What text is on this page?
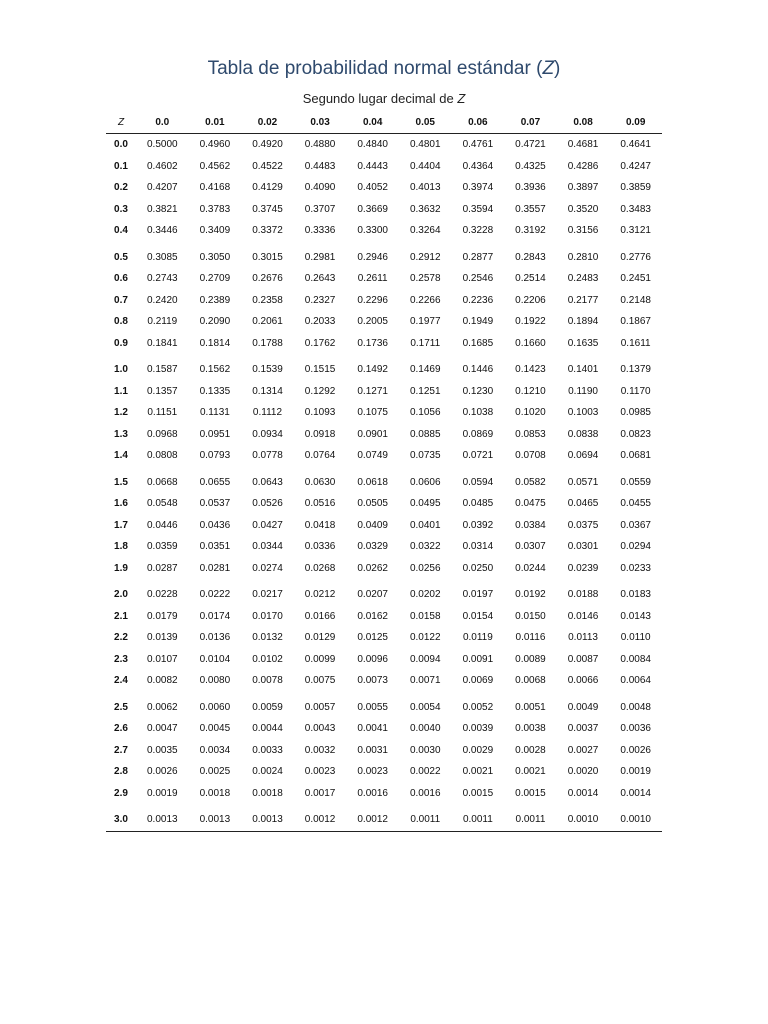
Tabla de probabilidad normal estándar (Z)
Segundo lugar decimal de Z
Z	0.0	0.01	0.02	0.03	0.04	0.05	0.06	0.07	0.08	0.09
0.0	0.5000	0.4960	0.4920	0.4880	0.4840	0.4801	0.4761	0.4721	0.4681	0.4641
0.1	0.4602	0.4562	0.4522	0.4483	0.4443	0.4404	0.4364	0.4325	0.4286	0.4247
0.2	0.4207	0.4168	0.4129	0.4090	0.4052	0.4013	0.3974	0.3936	0.3897	0.3859
0.3	0.3821	0.3783	0.3745	0.3707	0.3669	0.3632	0.3594	0.3557	0.3520	0.3483
0.4	0.3446	0.3409	0.3372	0.3336	0.3300	0.3264	0.3228	0.3192	0.3156	0.3121
0.5	0.3085	0.3050	0.3015	0.2981	0.2946	0.2912	0.2877	0.2843	0.2810	0.2776
0.6	0.2743	0.2709	0.2676	0.2643	0.2611	0.2578	0.2546	0.2514	0.2483	0.2451
0.7	0.2420	0.2389	0.2358	0.2327	0.2296	0.2266	0.2236	0.2206	0.2177	0.2148
0.8	0.2119	0.2090	0.2061	0.2033	0.2005	0.1977	0.1949	0.1922	0.1894	0.1867
0.9	0.1841	0.1814	0.1788	0.1762	0.1736	0.1711	0.1685	0.1660	0.1635	0.1611
1.0	0.1587	0.1562	0.1539	0.1515	0.1492	0.1469	0.1446	0.1423	0.1401	0.1379
1.1	0.1357	0.1335	0.1314	0.1292	0.1271	0.1251	0.1230	0.1210	0.1190	0.1170
1.2	0.1151	0.1131	0.1112	0.1093	0.1075	0.1056	0.1038	0.1020	0.1003	0.0985
1.3	0.0968	0.0951	0.0934	0.0918	0.0901	0.0885	0.0869	0.0853	0.0838	0.0823
1.4	0.0808	0.0793	0.0778	0.0764	0.0749	0.0735	0.0721	0.0708	0.0694	0.0681
1.5	0.0668	0.0655	0.0643	0.0630	0.0618	0.0606	0.0594	0.0582	0.0571	0.0559
1.6	0.0548	0.0537	0.0526	0.0516	0.0505	0.0495	0.0485	0.0475	0.0465	0.0455
1.7	0.0446	0.0436	0.0427	0.0418	0.0409	0.0401	0.0392	0.0384	0.0375	0.0367
1.8	0.0359	0.0351	0.0344	0.0336	0.0329	0.0322	0.0314	0.0307	0.0301	0.0294
1.9	0.0287	0.0281	0.0274	0.0268	0.0262	0.0256	0.0250	0.0244	0.0239	0.0233
2.0	0.0228	0.0222	0.0217	0.0212	0.0207	0.0202	0.0197	0.0192	0.0188	0.0183
2.1	0.0179	0.0174	0.0170	0.0166	0.0162	0.0158	0.0154	0.0150	0.0146	0.0143
2.2	0.0139	0.0136	0.0132	0.0129	0.0125	0.0122	0.0119	0.0116	0.0113	0.0110
2.3	0.0107	0.0104	0.0102	0.0099	0.0096	0.0094	0.0091	0.0089	0.0087	0.0084
2.4	0.0082	0.0080	0.0078	0.0075	0.0073	0.0071	0.0069	0.0068	0.0066	0.0064
2.5	0.0062	0.0060	0.0059	0.0057	0.0055	0.0054	0.0052	0.0051	0.0049	0.0048
2.6	0.0047	0.0045	0.0044	0.0043	0.0041	0.0040	0.0039	0.0038	0.0037	0.0036
2.7	0.0035	0.0034	0.0033	0.0032	0.0031	0.0030	0.0029	0.0028	0.0027	0.0026
2.8	0.0026	0.0025	0.0024	0.0023	0.0023	0.0022	0.0021	0.0021	0.0020	0.0019
2.9	0.0019	0.0018	0.0018	0.0017	0.0016	0.0016	0.0015	0.0015	0.0014	0.0014
3.0	0.0013	0.0013	0.0013	0.0012	0.0012	0.0011	0.0011	0.0011	0.0010	0.0010
